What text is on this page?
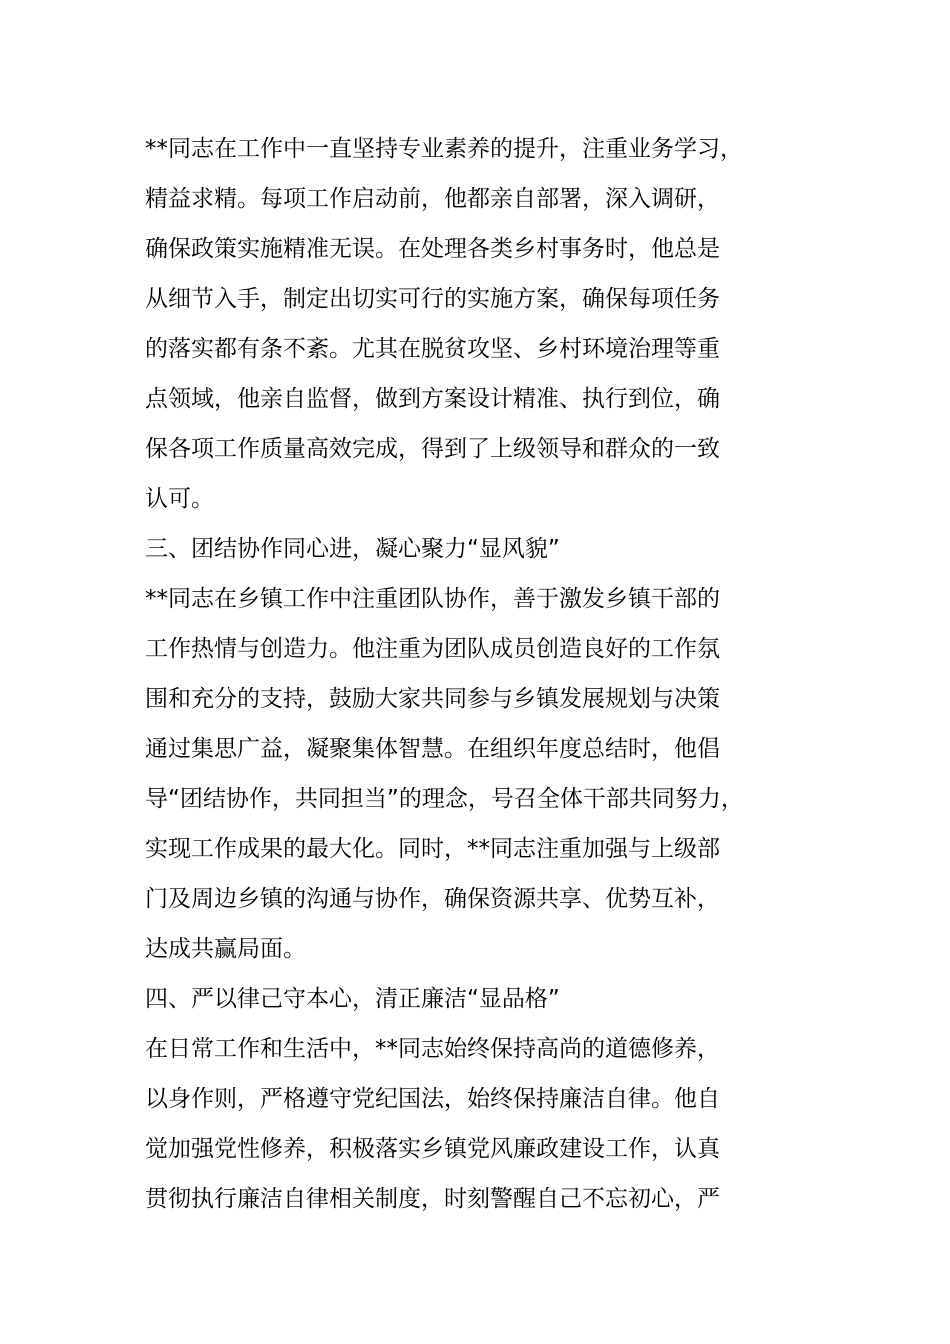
**同志在工作中一直坚持专业素养的提升，注重业务学习，
精益求精。每项工作启动前，他都亲自部署，深入调研，
确保政策实施精准无误。在处理各类乡村事务时，他总是
从细节入手，制定出切实可行的实施方案，确保每项任务
的落实都有条不紊。尤其在脱贫攻坚、乡村环境治理等重
点领域，他亲自监督，做到方案设计精准、执行到位，确
保各项工作质量高效完成，得到了上级领导和群众的一致
认可。
三、团结协作同心进，凝心聚力“显风貌”
**同志在乡镇工作中注重团队协作，善于激发乡镇干部的
工作热情与创造力。他注重为团队成员创造良好的工作氛
围和充分的支持，鼓励大家共同参与乡镇发展规划与决策
通过集思广益，凝聚集体智慧。在组织年度总结时，他倡
导“团结协作，共同担当”的理念，号召全体干部共同努力，
实现工作成果的最大化。同时，**同志注重加强与上级部
门及周边乡镇的沟通与协作，确保资源共享、优势互补，
达成共赢局面。
四、严以律己守本心，清正廉洁“显品格”
在日常工作和生活中，**同志始终保持高尚的道德修养，
以身作则，严格遵守党纪国法，始终保持廉洁自律。他自
觉加强党性修养，积极落实乡镇党风廉政建设工作，认真
贯彻执行廉洁自律相关制度，时刻警醒自己不忘初心，严
